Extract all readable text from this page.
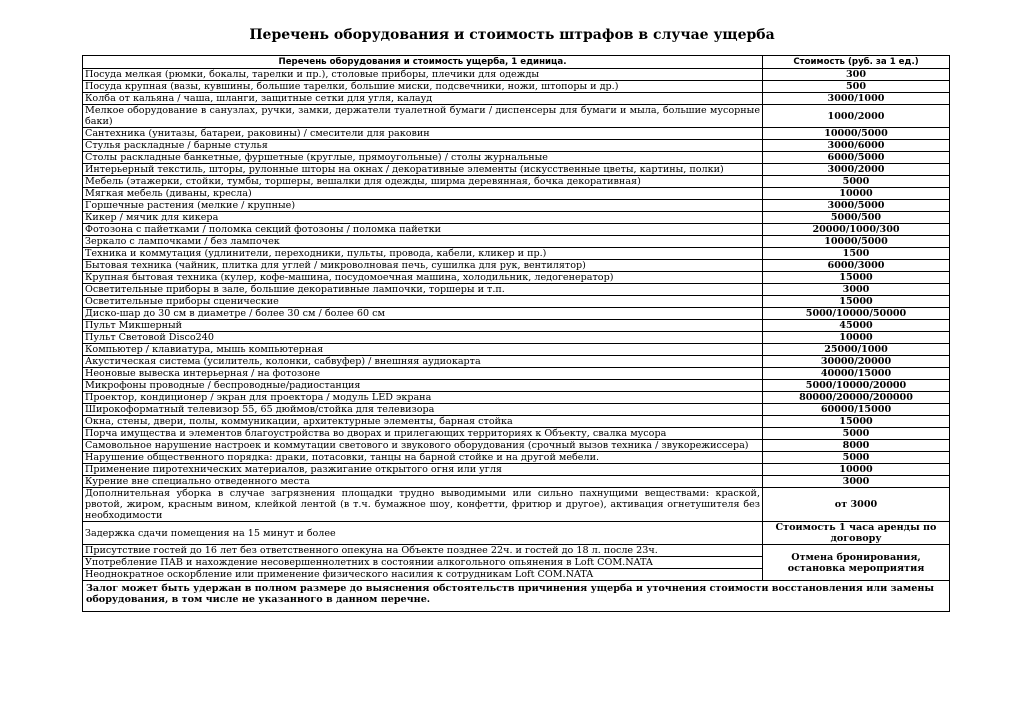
Перечень оборудования и стоимость штрафов в случае ущерба
Перечень оборудования и стоимость ущерба, 1 единица.	Стоимость (руб. за 1 ед.)
Посуда мелкая (рюмки, бокалы, тарелки и пр.), столовые приборы, плечики для одежды	300
Посуда крупная (вазы, кувшины, большие тарелки, большие миски, подсвечники, ножи, штопоры и др.)	500
Колба от кальяна / чаша, шланги, защитные сетки для угля, калауд	3000/1000
Мелкое оборудование в санузлах, ручки, замки, держатели туалетной бумаги / диспенсеры для бумаги и мыла, большие мусорные баки)	1000/2000
Сантехника (унитазы, батареи, раковины) / смесители для раковин	10000/5000
Стулья раскладные / барные стулья	3000/6000
Столы раскладные банкетные, фуршетные (круглые, прямоугольные) / столы журнальные	6000/5000
Интерьерный текстиль, шторы, рулонные шторы на окнах / декоративные элементы (искусственные цветы, картины, полки)	3000/2000
Мебель (этажерки, стойки, тумбы, торшеры, вешалки для одежды, ширма деревянная, бочка декоративная)	5000
Мягкая мебель (диваны, кресла)	10000
Горшечные растения (мелкие / крупные)	3000/5000
Кикер / мячик для кикера	5000/500
Фотозона с пайетками / поломка секций фотозоны / поломка пайетки	20000/1000/300
Зеркало с лампочками / без лампочек	10000/5000
Техника и коммутация (удлинители, переходники, пульты, провода, кабели, кликер и пр.)	1500
Бытовая техника (чайник, плитка для углей / микроволновая печь, сушилка для рук, вентилятор)	6000/3000
Крупная бытовая техника (кулер, кофе-машина, посудомоечная машина, холодильник, ледогенератор)	15000
Осветительные приборы в зале, большие декоративные лампочки, торшеры и т.п.	3000
Осветительные приборы сценические	15000
Диско-шар до 30 см в диаметре / более 30 см / более 60 см	5000/10000/50000
Пульт Микшерный	45000
Пульт Световой Disco240	10000
Компьютер / клавиатура, мышь компьютерная	25000/1000
Акустическая система (усилитель, колонки, сабвуфер) / внешняя аудиокарта	30000/20000
Неоновые вывеска интерьерная / на фотозоне	40000/15000
Микрофоны проводные / беспроводные/радиостанция	5000/10000/20000
Проектор, кондиционер / экран для проектора / модуль LED экрана	80000/20000/200000
Широкоформатный телевизор 55, 65 дюймов/стойка для телевизора	60000/15000
Окна, стены, двери, полы, коммуникации, архитектурные элементы, барная стойка	15000
Порча имущества и элементов благоустройства во дворах и прилегающих территориях к Объекту, свалка мусора	5000
Самовольное нарушение настроек и коммутации светового и звукового оборудования (срочный вызов техника / звукорежиссера)	8000
Нарушение общественного порядка: драки, потасовки, танцы на барной стойке и на другой мебели.	5000
Применение пиротехнических материалов, разжигание открытого огня или угля	10000
Курение вне специально отведенного места	3000
Дополнительная уборка в случае загрязнения площадки трудно выводимыми или сильно пахнущими веществами: краской, рвотой, жиром, красным вином, клейкой лентой (в т.ч. бумажное шоу, конфетти, фритюр и другое), активация огнетушителя без необходимости	от 3000
Задержка сдачи помещения на 15 минут и более	Стоимость 1 часа аренды по договору
Присутствие гостей до 16 лет без ответственного опекуна на Объекте позднее 22ч. и гостей до 18 л. после 23ч.	Отмена бронирования, остановка мероприятия
Употребление ПАВ и нахождение несовершеннолетних в состоянии алкогольного опьянения в Loft COM.NATA	
Неоднократное оскорбление или применение физического насилия к сотрудникам Loft COM.NATA	
Залог может быть удержан в полном размере до выяснения обстоятельств причинения ущерба и уточнения стоимости восстановления или замены оборудования, в том числе не указанного в данном перечне.	
